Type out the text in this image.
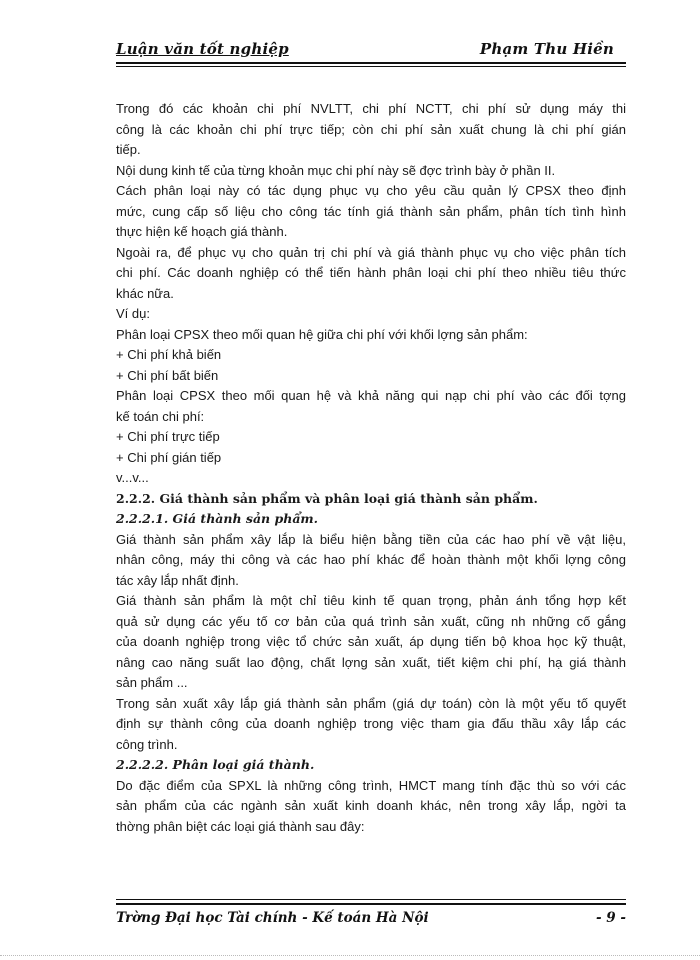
Luận văn tốt nghiệp	Phạm Thu Hiền
Trong đó các khoản chi phí NVLTT, chi phí NCTT, chi phí sử dụng máy thi
công là các khoản chi phí trực tiếp; còn chi phí sản xuất chung là chi phí gián
tiếp.
Nội dung kinh tế của từng khoản mục chi phí này sẽ đợc trình bày ở phần II.
Cách phân loại này có tác dụng phục vụ cho yêu cầu quản lý CPSX theo định
mức, cung cấp số liệu cho công tác tính giá thành sản phẩm, phân tích tình hình
thực hiện kế hoạch giá thành.
Ngoài ra, để phục vụ cho quản trị chi phí và giá thành phục vụ cho việc phân tích
chi phí. Các doanh nghiệp có thể tiến hành phân loại chi phí theo nhiều tiêu thức
khác nữa.
Ví dụ:
Phân loại CPSX theo mối quan hệ giữa chi phí với khối lợng sản phẩm:
+ Chi phí khả biến
+ Chi phí bất biến
Phân loại CPSX theo mối quan hệ và khả năng qui nạp chi phí vào các đối tợng
kế toán chi phí:
+ Chi phí trực tiếp
+ Chi phí gián tiếp
v...v...
2.2.2. Giá thành sản phẩm và phân loại giá thành sản phẩm.
2.2.2.1. Giá thành sản phẩm.
Giá thành sản phẩm xây lắp là biểu hiện bằng tiền của các hao phí về vật liệu,
nhân công, máy thi công và các hao phí khác để hoàn thành một khối lợng công
tác xây lắp nhất định.
Giá thành sản phẩm là một chỉ tiêu kinh tế quan trọng, phản ánh tổng hợp kết
quả sử dụng các yếu tố cơ bản của quá trình sản xuất, cũng nh những cố gắng
của doanh nghiệp trong việc tổ chức sản xuất, áp dụng tiến bộ khoa học kỹ thuật,
nâng cao năng suất lao động, chất lợng sản xuất, tiết kiệm chi phí, hạ giá thành
sản phẩm ...
Trong sản xuất xây lắp giá thành sản phẩm (giá dự toán) còn là một yếu tố quyết
định sự thành công của doanh nghiệp trong việc tham gia đấu thầu xây lắp các
công trình.
2.2.2.2. Phân loại giá thành.
Do đặc điểm của SPXL là những công trình, HMCT mang tính đặc thù so với các
sản phẩm của các ngành sản xuất kinh doanh khác, nên trong xây lắp, ngời ta
thờng phân biệt các loại giá thành sau đây:
Trờng Đại học Tài chính - Kế toán Hà Nội	- 9 -
